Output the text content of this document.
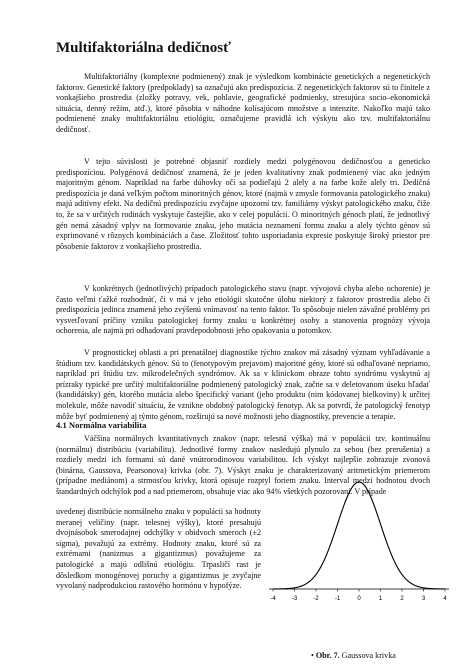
Multifaktoriálna dedičnosť

Multifaktoriálny (komplexne podmienený) znak je výsledkom kombinácie genetických a negenetických faktorov. Genetické faktory (predpoklady) sa označujú ako predispozícia. Z negenetických faktorov sú to činitele z vonkajšieho prostredia (zložky potravy, vek, pohlavie, geografické podmienky, stresujúca socio–ekonomická situácia, denný režim, atď.), ktoré pôsobia v náhodne kolísajúcom množstve a intenzite. Nakoľko majú tako podmienené znaky multifaktoriálnu etiológiu, označujeme pravidlá ich výskytu ako tzv. multifaktoriálnu dedičnosť.

V tejto súvislosti je potrebné objasniť rozdiely medzi polygénovou dedičnosťou a geneticko predispozíciou. Polygénová dedičnosť znamená, že je jeden kvalitatívny znak podmienený viac ako jedným majoritným génom. Napríklad na farbe dúhovky očí sa podieľajú 2 alely a na farbe kože alely tri. Dedičná predispozícia je daná veľkým počtom minoritných génov, ktoré (najmä v zmysle formovania patologického znaku) majú aditívny efekt. Na dedičnú predispozíciu zvyčajne upozorní tzv. familiárny výskyt patologického znaku, čiže to, že sa v určitých rodinách vyskytuje častejšie, ako v celej populácii. O minoritných génoch platí, že jednotlivý gén nemá zásadný vplyv na formovanie znaku, jeho mutácia neznamení formu znaku a alely týchto génov sú exprimované v rôznych kombináciách a čase. Zložitosť tohto usporiadania expresie poskytuje široký priestor pre pôsobenie faktorov z vonkajšieho prostredia.

V konkrétnych (jednotlivých) prípadoch patologického stavu (napr. vývojová chyba alebo ochorenie) je často veľmi ťažké rozhodnúť, či v má v jeho etiológii skutočne úlohu niektorý z faktorov prostredia alebo či predispozícia jedinca znamená jeho zvýšenú vnímavosť na tento faktor. To spôsobuje nielen závažné problémy pri vysvetľovaní príčiny vzniku patologickej formy znaku u konkrétnej osoby a stanovenia prognózy vývoja ochorenia, ale najmä pri odhadovaní pravdepodobnosti jeho opakovania u potomkov.

V prognostickej oblasti a pri prenatálnej diagnostike týchto znakov má zásadný význam vyhľadávanie a štúdium tzv. kandidátskych génov. Sú to (fenotypovým prejavom) majoritné gény, ktoré sú odhaľované nepriamo, napríklad pri štúdiu tzv. mikrodelečných syndrómov. Ak sa v klinickom obraze tohto syndrómu vyskytnú aj prízraky typické pre určitý multifaktoriálne podmienený patologický znak, začne sa v deletovanom úseku hľadať (kandidátsky) gén, ktorého mutácia alebo špecifický variant (jeho produktu (nim kódovanej bielkoviny) k určitej molekule, môže navodiť situáciu, že vznikne obdobný patologický fenotyp. Ak sa potvrdí, že patologický fenotyp môže byť podmienený aj týmto génom, rozširujú sa nové možnosti jeho diagnostiky, prevencie a terapie.

4.1 Normálna variabilita

Väčšina normálnych kvantitatívnych znakov (napr. telesná výška) má v populácii tzv. kontinuálnu (normálnu) distribúciu (variabilitu). Jednotlivé formy znakov nasledujú plynulo za sebou (bez prerušenia) a rozdiely medzi ich formami sú dané vnútrorodinovou variabilitou. Ich výskyt najlepšie zobrazuje zvonová (binárna, Gaussova, Pearsonova) krivka (obr. 7). Výskyt znaku je charakterizovaný aritmetickým priemerom (prípadne mediánom) a strmosťou krivky, ktorá opisuje rozptyl foriem znaku. Interval medzi hodnotou dvoch štandardných odchýlok pod a nad priemerom, obsahuje viac ako 94% všetkých pozorovaní. V prípade

uvedenej distribúcie normálneho znaku v populácii sa hodnoty meranej veličiny (napr. telesnej výšky), ktoré presahujú dvojnásobok smerodajnej odchýlky v obidvoch smeroch (±2 sigma), považujú za extrémy. Hodnoty znaku, ktoré sú za extrémami (nanizmus a gigantizmus) považujeme za patologické a majú odlišnú etiológiu. Trpasličí rast je dôsledkom monogénovej poruchy a gigantizmus je zvyčajne vyvolaný nadprodukciou rastového hormónu v hypofýze.

-4	-3	-2	-1	0	1	2	3	4
• Obr. 7. Gaussova krivka
